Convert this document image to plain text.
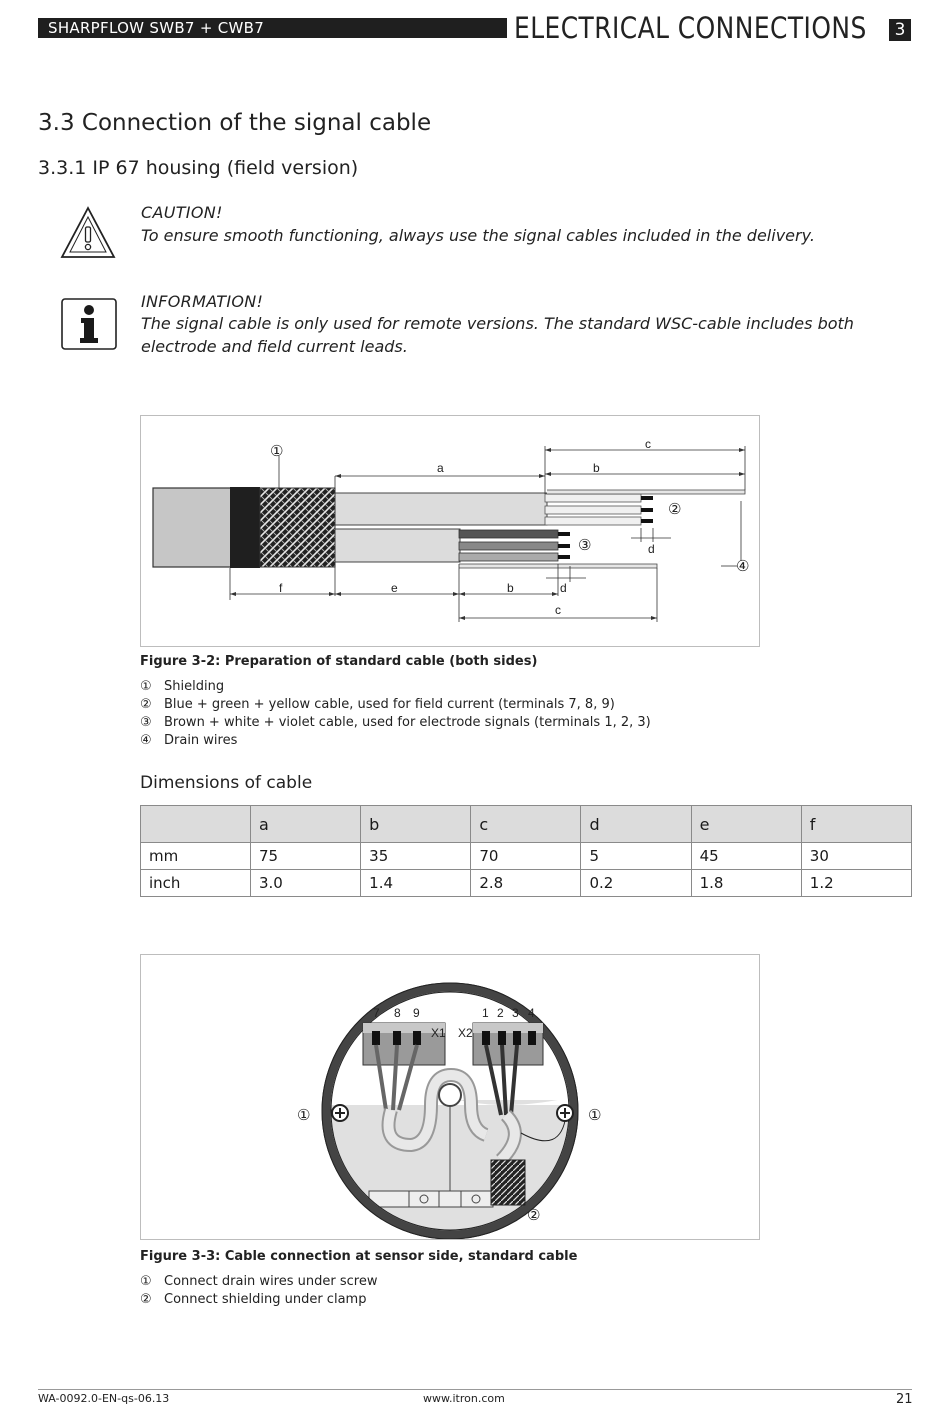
SHARPFLOW SWB7 + CWB7	ELECTRICAL CONNECTIONS	3
3.3 Connection of the signal cable
3.3.1 IP 67 housing (field version)
CAUTION!
To ensure smooth functioning, always use the signal cables included in the delivery.
INFORMATION!
The signal cable is only used for remote versions. The standard WSC-cable includes both electrode and field current leads.
a	b
c
d
f	e	b	d
c
①
②
③
④
Figure 3-2: Preparation of standard cable (both sides)
① Shielding
② Blue + green + yellow cable, used for field current (terminals 7, 8, 9)
③ Brown + white + violet cable, used for electrode signals (terminals 1, 2, 3)
④ Drain wires
Dimensions of cable
	a	b	c	d	e	f
mm	75	35	70	5	45	30
inch	3.0	1.4	2.8	0.2	1.8	1.2
7 8 9	1 2 3 4
X1 X2
①	①
②
Figure 3-3: Cable connection at sensor side, standard cable
① Connect drain wires under screw
② Connect shielding under clamp
WA-0092.0-EN-qs-06.13	www.itron.com	21
